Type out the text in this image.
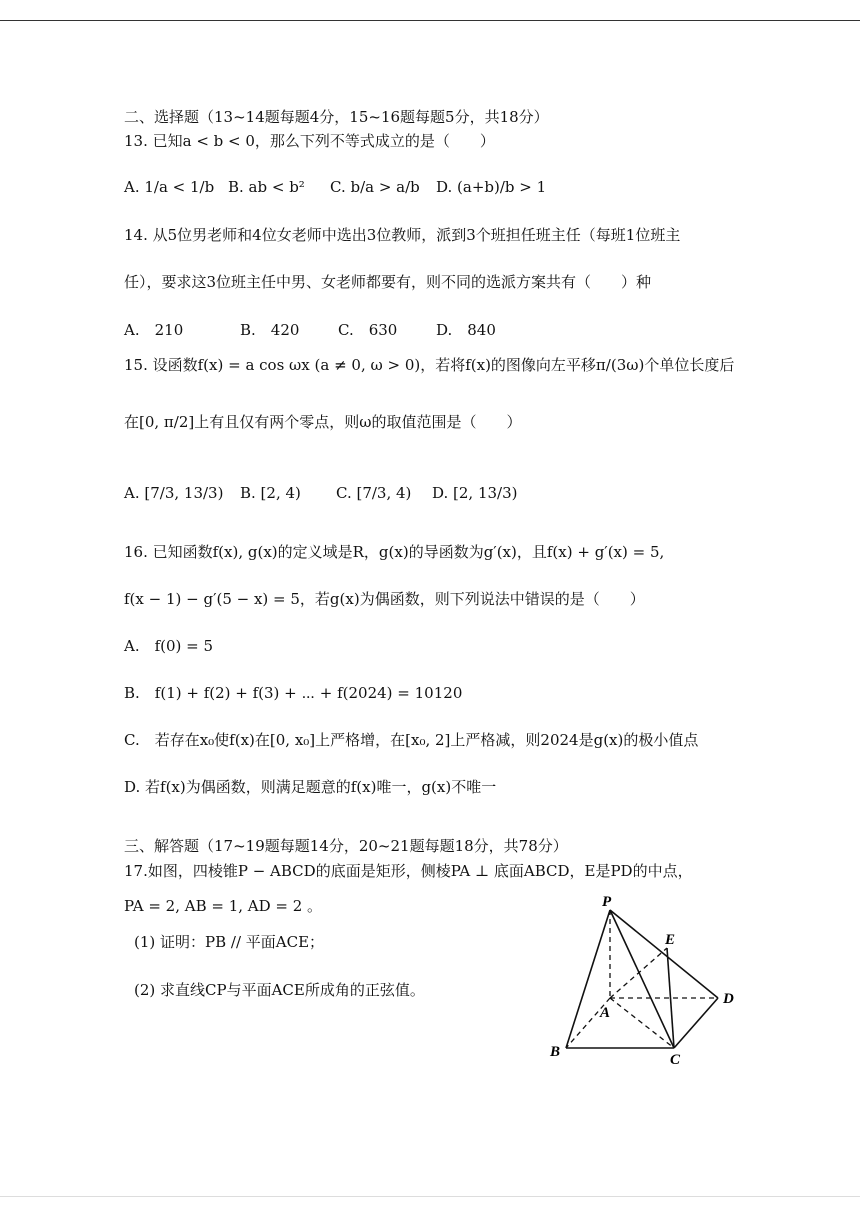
二、选择题（13~14题每题4分，15~16题每题5分，共18分）
13. 已知a < b < 0，那么下列不等式成立的是（　　）
A. 1/a < 1/b B. ab < b² C. b/a > a/b D. (a+b)/b > 1
14. 从5位男老师和4位女老师中选出3位教师，派到3个班担任班主任（每班1位班主
任），要求这3位班主任中男、女老师都要有，则不同的选派方案共有（　　）种
A.　210	B.　420	C.　630	D.　840
15. 设函数f(x) = a cos ωx (a ≠ 0, ω > 0)，若将f(x)的图像向左平移π/(3ω)个单位长度后
在[0, π/2]上有且仅有两个零点，则ω的取值范围是（　　）
A. [7/3, 13/3) B. [2, 4) C. [7/3, 4) D. [2, 13/3)
16. 已知函数f(x), g(x)的定义域是R，g(x)的导函数为g′(x)，且f(x) + g′(x) = 5,
f(x − 1) − g′(5 − x) = 5，若g(x)为偶函数，则下列说法中错误的是（　　）
A.　f(0) = 5
B.　f(1) + f(2) + f(3) + ⋯ + f(2024) = 10120
C.　若存在x₀使f(x)在[0, x₀]上严格增，在[x₀, 2]上严格减，则2024是g(x)的极小值点
D. 若f(x)为偶函数，则满足题意的f(x)唯一，g(x)不唯一
三、解答题（17~19题每题14分，20~21题每题18分，共78分）
17.如图，四棱锥P − ABCD的底面是矩形，侧棱PA ⊥ 底面ABCD，E是PD的中点，
PA = 2, AB = 1, AD = 2 。
(1) 证明：PB // 平面ACE；
(2) 求直线CP与平面ACE所成角的正弦值。
P
E
D
A
B	C
